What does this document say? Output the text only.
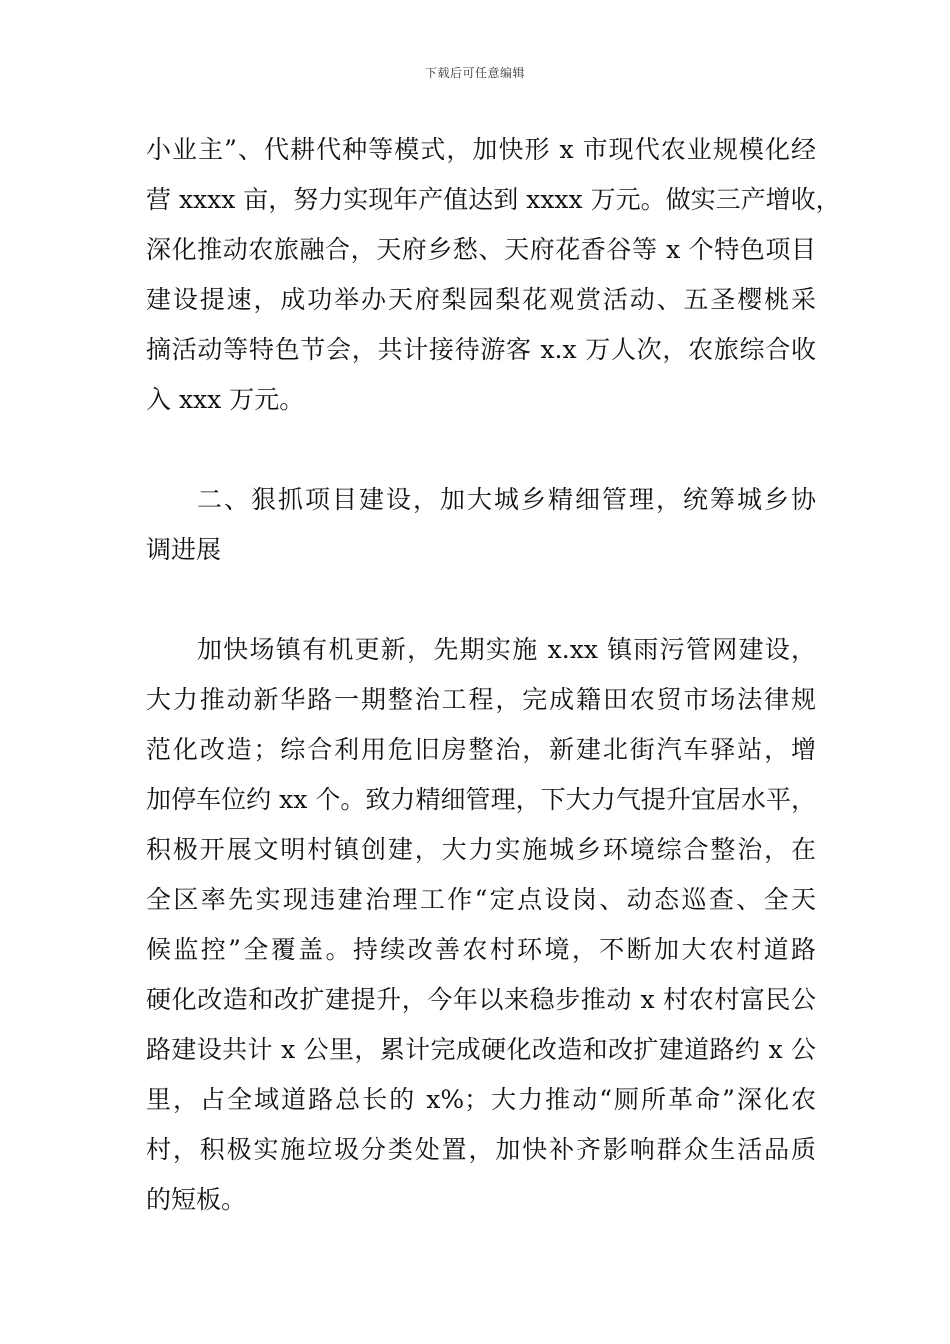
下载后可任意编辑
小业主”、代耕代种等模式，加快形 x 市现代农业规模化经
营 xxxx 亩，努力实现年产值达到 xxxx 万元。做实三产增收，
深化推动农旅融合，天府乡愁、天府花香谷等 x 个特色项目
建设提速，成功举办天府梨园梨花观赏活动、五圣樱桃采
摘活动等特色节会，共计接待游客 x.x 万人次，农旅综合收
入 xxx 万元。
二、狠抓项目建设，加大城乡精细管理，统筹城乡协
调进展
加快场镇有机更新，先期实施 x.xx 镇雨污管网建设，
大力推动新华路一期整治工程，完成籍田农贸市场法律规
范化改造；综合利用危旧房整治，新建北街汽车驿站，增
加停车位约 xx 个。致力精细管理，下大力气提升宜居水平，
积极开展文明村镇创建，大力实施城乡环境综合整治，在
全区率先实现违建治理工作“定点设岗、动态巡查、全天
候监控”全覆盖。持续改善农村环境，不断加大农村道路
硬化改造和改扩建提升，今年以来稳步推动 x 村农村富民公
路建设共计 x 公里，累计完成硬化改造和改扩建道路约 x 公
里，占全域道路总长的 x%；大力推动“厕所革命”深化农
村，积极实施垃圾分类处置，加快补齐影响群众生活品质
的短板。
